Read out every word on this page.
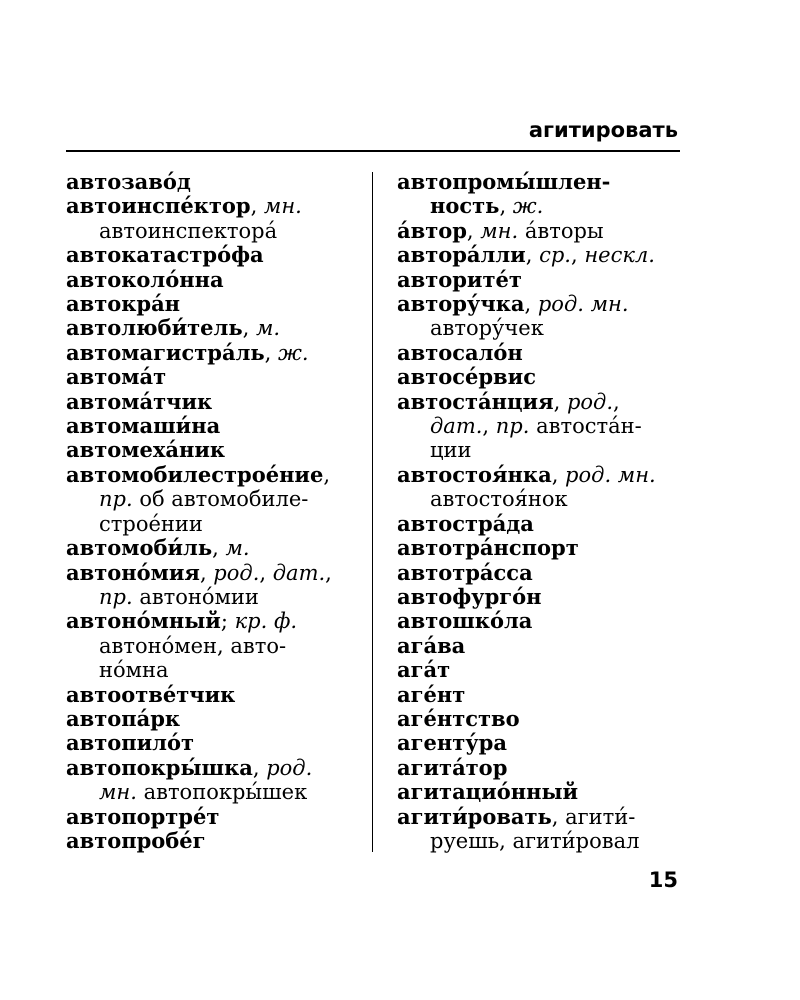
агитировать
автозаво́д
автоинспе́ктор, мн.
автоинспектора́
автокатастро́фа
автоколо́нна
автокра́н
автолюби́тель, м.
автомагистра́ль, ж.
автома́т
автома́тчик
автомаши́на
автомеха́ник
автомобилестрое́ние,
пр. об автомобиле-
строе́нии
автомоби́ль, м.
автоно́мия, род., дат.,
пр. автоно́мии
автоно́мный; кр. ф.
автоно́мен, авто-
но́мна
автоотве́тчик
автопа́рк
автопило́т
автопокры́шка, род.
мн. автопокры́шек
автопортре́т
автопробе́г
автопромы́шлен-
ность, ж.
а́втор, мн. а́вторы
автора́лли, ср., нескл.
авторите́т
автору́чка, род. мн.
автору́чек
автосало́н
автосе́рвис
автоста́нция, род.,
дат., пр. автоста́н-
ции
автостоя́нка, род. мн.
автостоя́нок
автостра́да
автотра́нспорт
автотра́сса
автофурго́н
автошко́ла
ага́ва
ага́т
аге́нт
аге́нтство
агенту́ра
агита́тор
агитацио́нный
агити́ровать, агити́-
руешь, агити́ровал
15
